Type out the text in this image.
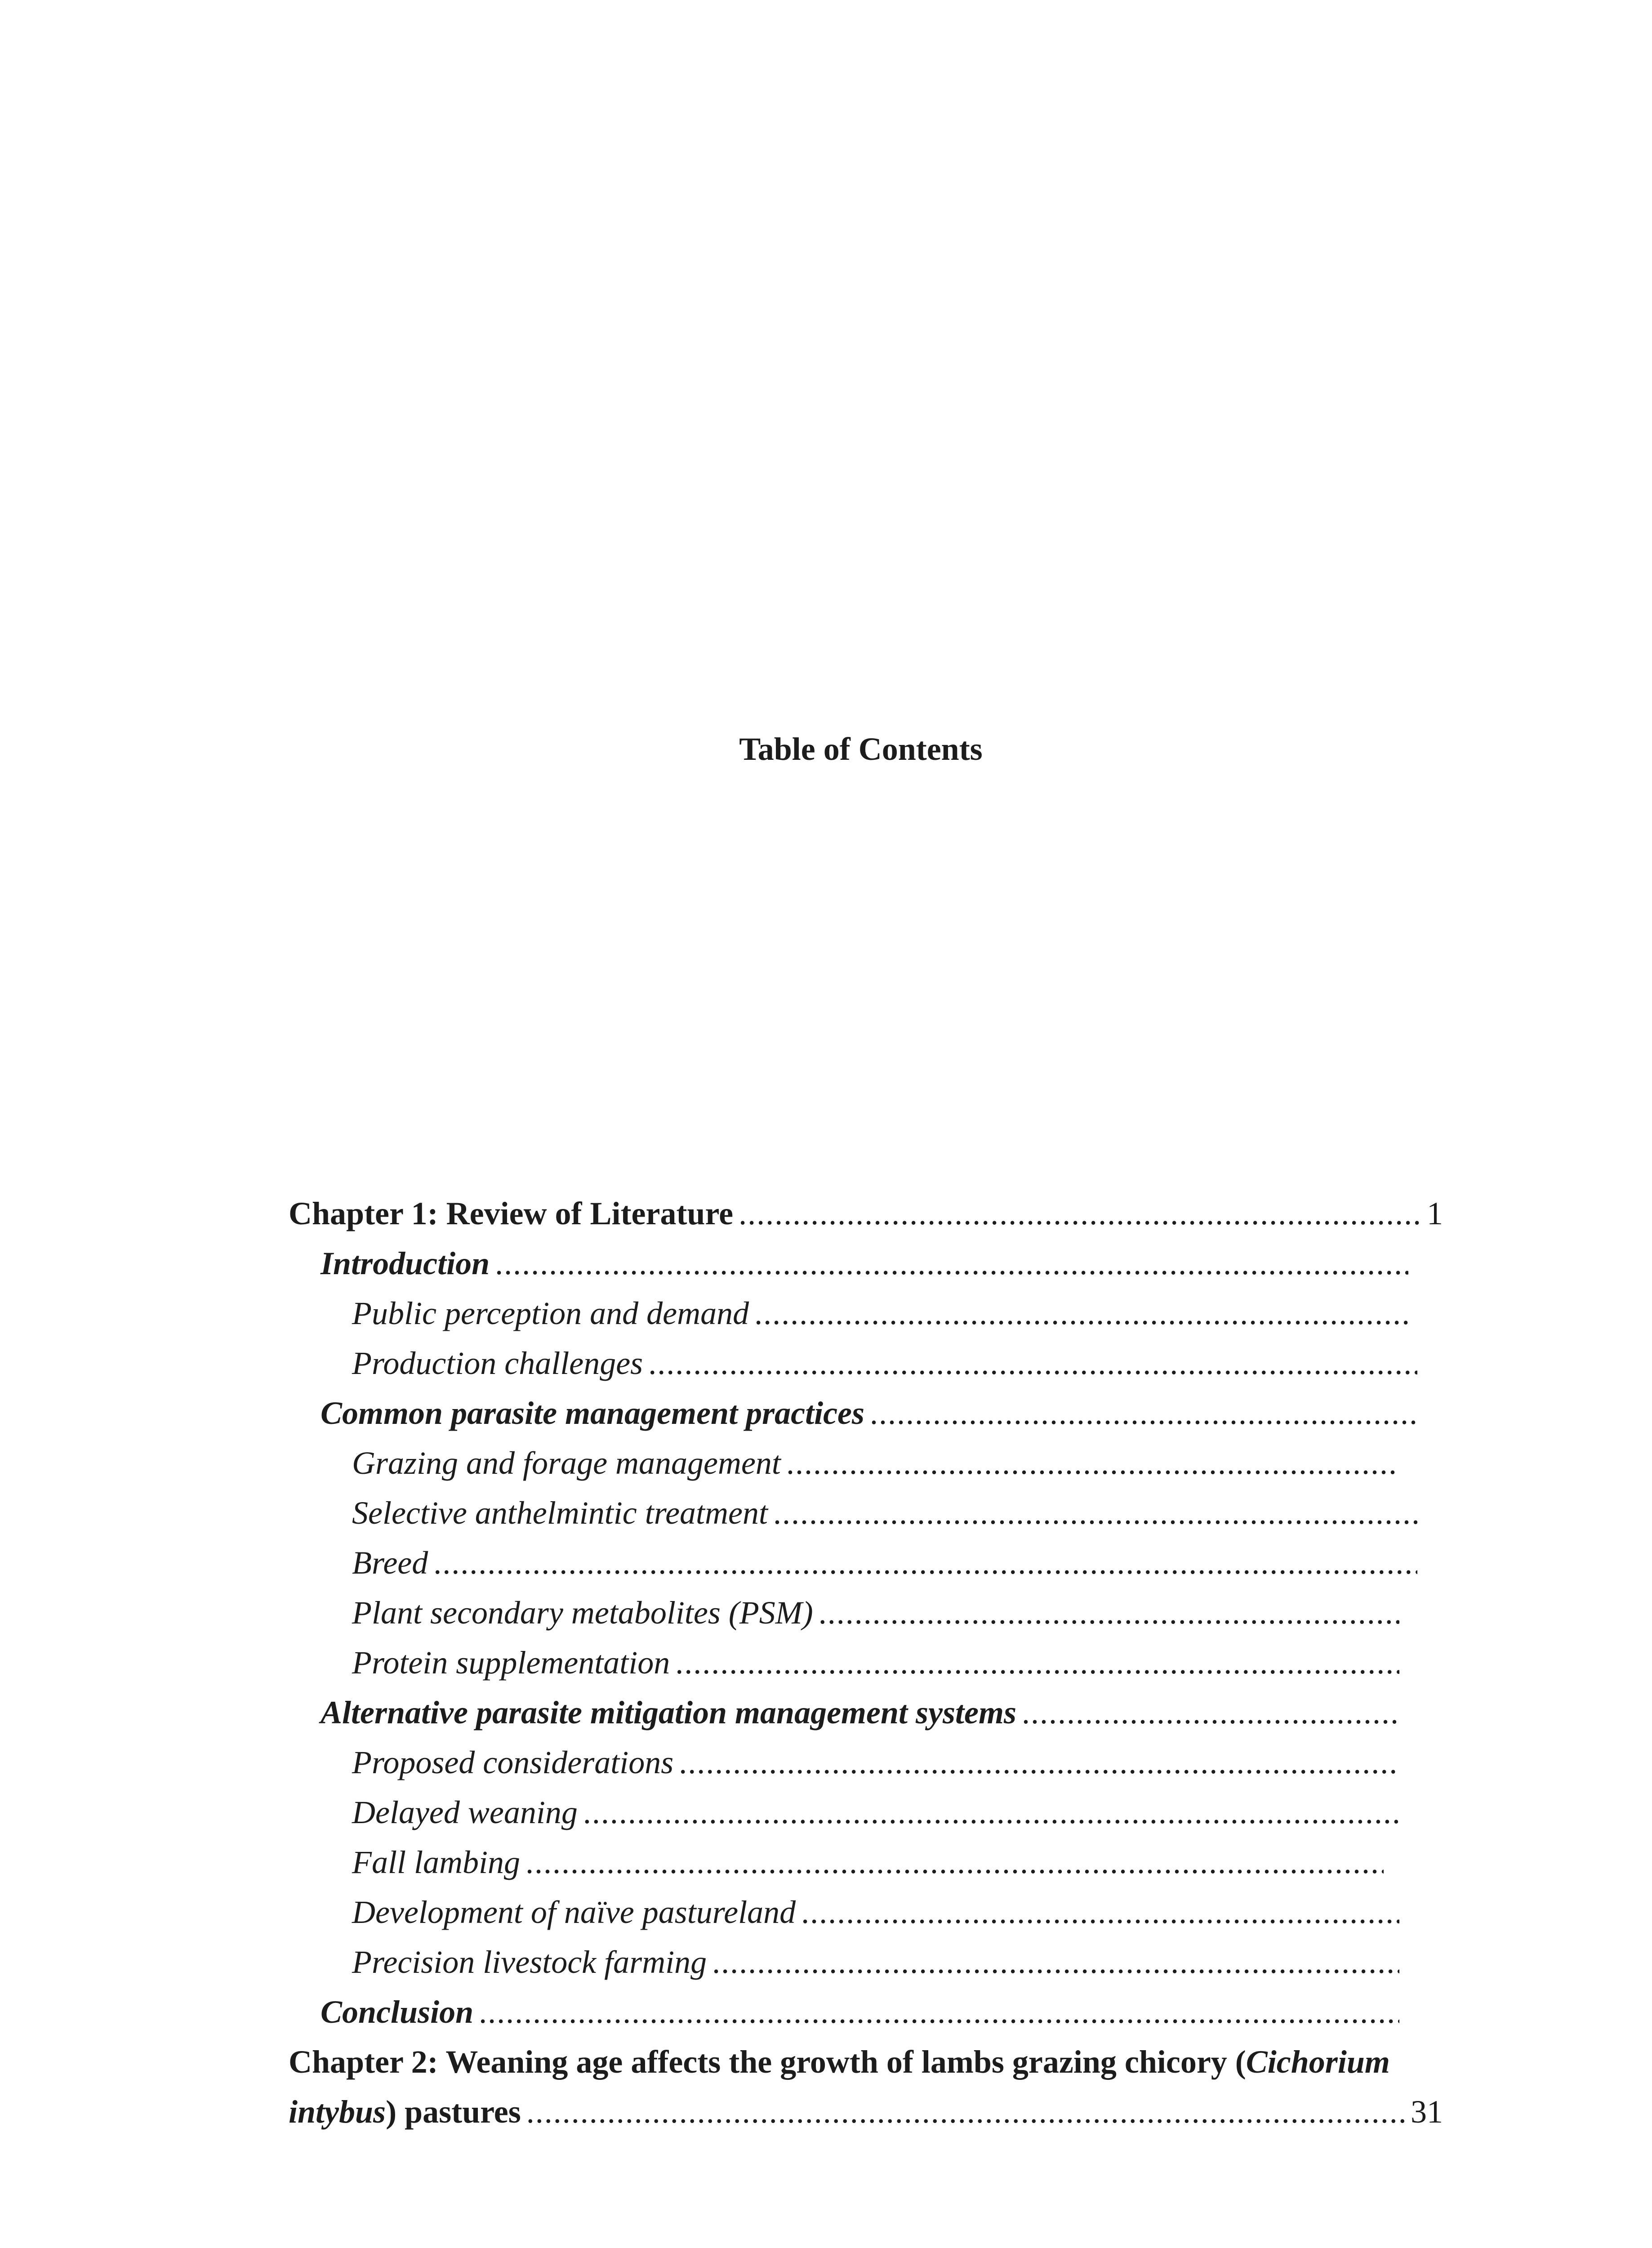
Table of Contents
Chapter 1: Review of Literature .....	1
Introduction
.....
Public perception and demand
.....
Production challenges
.....
Common parasite management practices
.....
Grazing and forage management
.....
Selective anthelmintic treatment
.....
Breed
.....
Plant secondary metabolites (PSM)
.....
Protein supplementation
.....
Alternative parasite mitigation management systems
.....
Proposed considerations
.....
Delayed weaning
.....
Fall lambing
.....
Development of naïve pastureland
.....
Precision livestock farming
.....
Conclusion
.....
Chapter 2: Weaning age affects the growth of lambs grazing chicory (Cichorium
intybus) pastures .....	31
